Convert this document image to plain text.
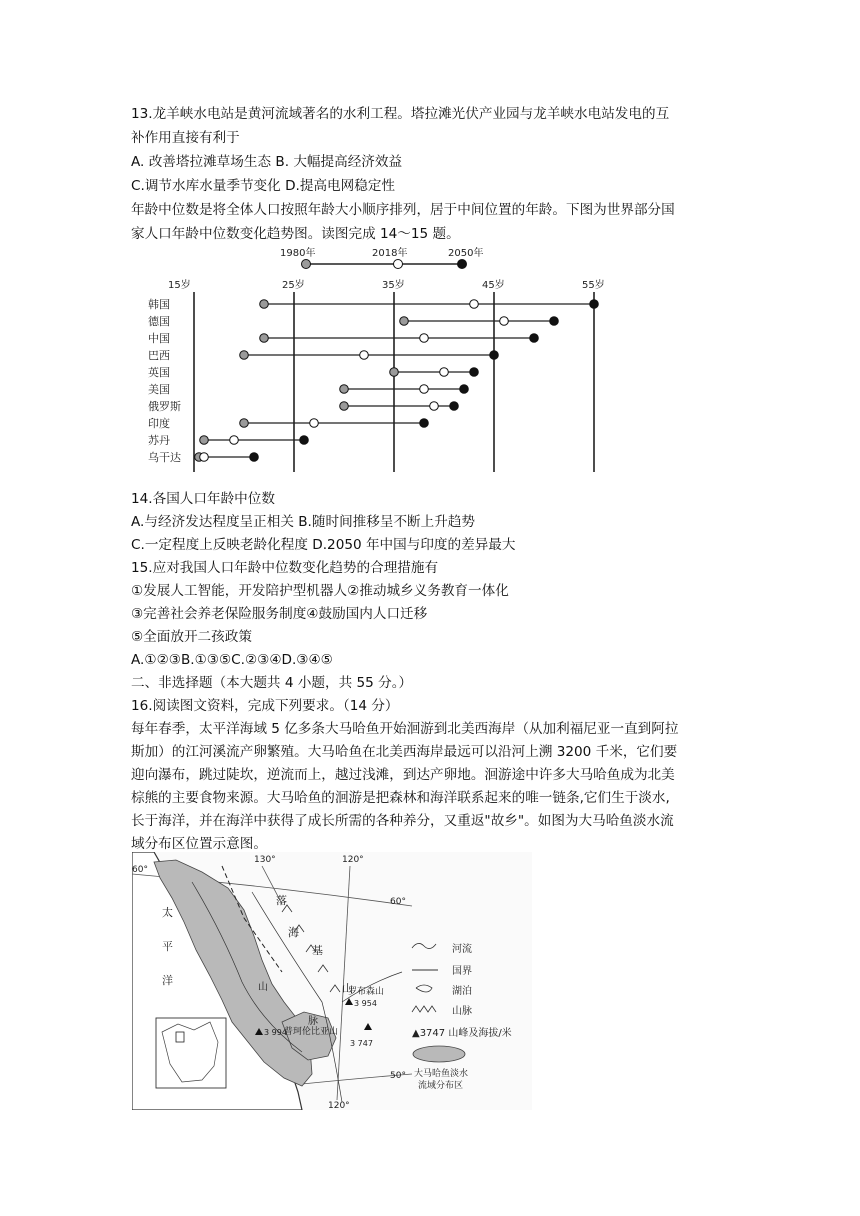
13.龙羊峡水电站是黄河流域著名的水利工程。塔拉滩光伏产业园与龙羊峡水电站发电的互
补作用直接有利于
A. 改善塔拉滩草场生态 B. 大幅提高经济效益
C.调节水库水量季节变化 D.提高电网稳定性
年龄中位数是将全体人口按照年龄大小顺序排列，居于中间位置的年龄。下图为世界部分国
家人口年龄中位数变化趋势图。读图完成 14～15 题。
1980年	2018年	2050年
15岁	25岁	35岁	45岁	55岁
韩国
德国
中国
巴西
英国
美国
俄罗斯
印度
苏丹
乌干达
14.各国人口年龄中位数
A.与经济发达程度呈正相关 B.随时间推移呈不断上升趋势
C.一定程度上反映老龄化程度 D.2050 年中国与印度的差异最大
15.应对我国人口年龄中位数变化趋势的合理措施有
①发展人工智能，开发陪护型机器人②推动城乡义务教育一体化
③完善社会养老保险服务制度④鼓励国内人口迁移
⑤全面放开二孩政策
A.①②③B.①③⑤C.②③④D.③④⑤
二、非选择题（本大题共 4 小题，共 55 分。）
16.阅读图文资料，完成下列要求。（14 分）
每年春季，太平洋海域 5 亿多条大马哈鱼开始洄游到北美西海岸（从加利福尼亚一直到阿拉
斯加）的江河溪流产卵繁殖。大马哈鱼在北美西海岸最远可以沿河上溯 3200 千米，它们要
迎向瀑布，跳过陡坎，逆流而上，越过浅滩，到达产卵地。洄游途中许多大马哈鱼成为北美
棕熊的主要食物来源。大马哈鱼的洄游是把森林和海洋联系起来的唯一链条,它们生于淡水,
长于海洋，并在海洋中获得了成长所需的各种养分，又重返"故乡"。如图为大马哈鱼淡水流
域分布区位置示意图。
60°
60°
50°
130°	120°
120°
太
平
洋
落
海
基
山
山
脉
罗布森山
3 954
3 994
普珂伦比亚山
3 747
河流
国界
湖泊
山脉
▲3747 山峰及海拔/米
大马哈鱼淡水
流域分布区
